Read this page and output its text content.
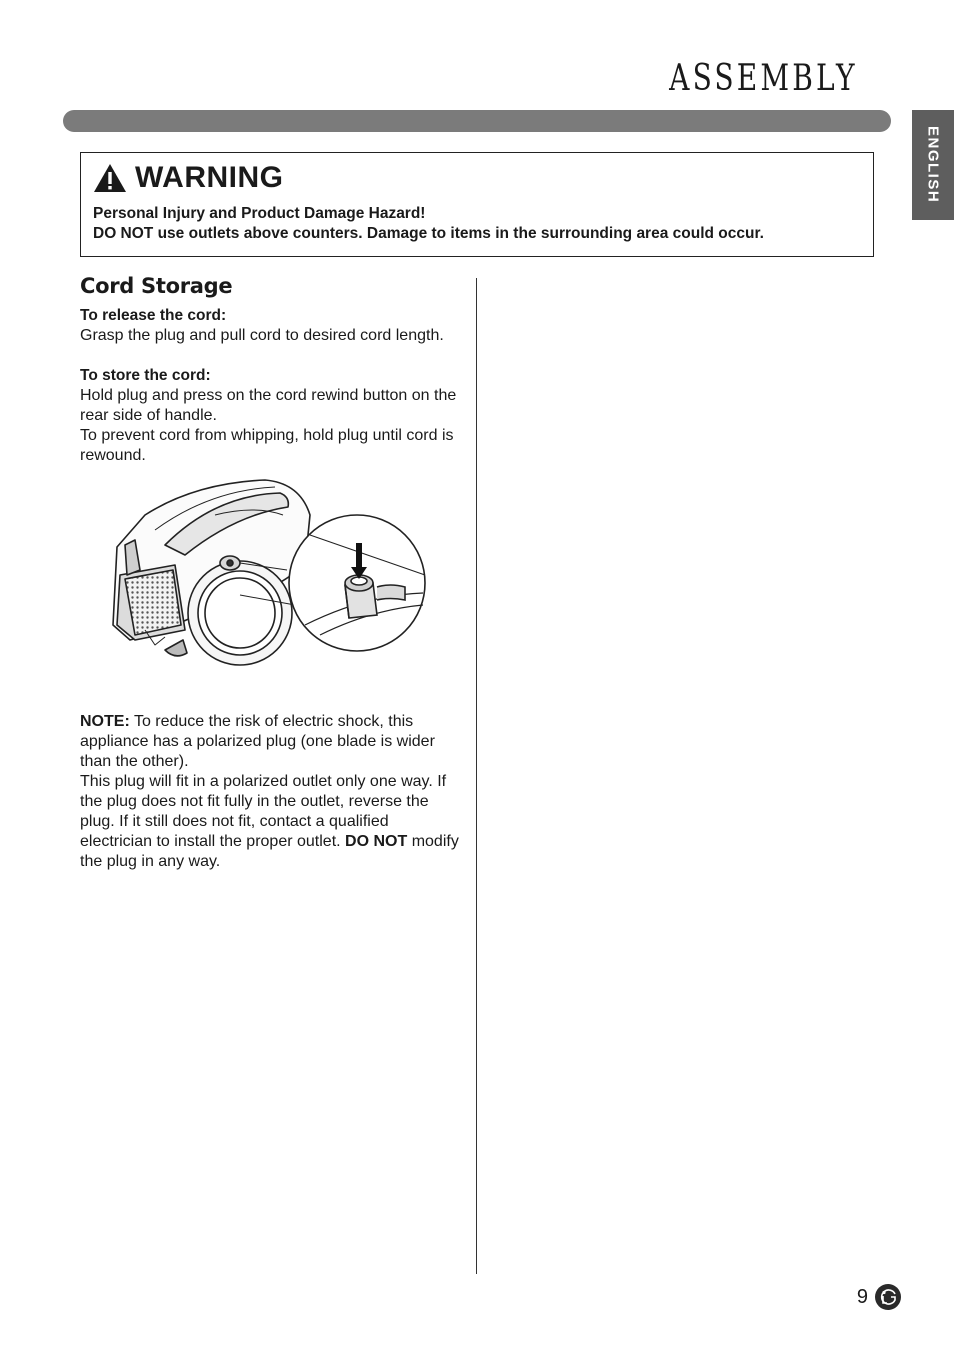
ASSEMBLY
ENGLISH
WARNING
Personal Injury and Product Damage Hazard!
DO NOT use outlets above counters. Damage to items in the surrounding area could occur.
Cord Storage
To release the cord:

Grasp the plug and pull cord to desired cord length.

To store the cord:

Hold plug and press on the cord rewind button on the rear side of handle.

To prevent cord from whipping, hold plug until cord is rewound.

NOTE: To reduce the risk of electric shock, this appliance has a polarized plug (one blade is wider than the other).

This plug will fit in a polarized outlet only one way. If the plug does not fit fully in the outlet, reverse the plug. If it still does not fit, contact a qualified electrician to install the proper outlet. DO NOT modify the plug in any way.

9
